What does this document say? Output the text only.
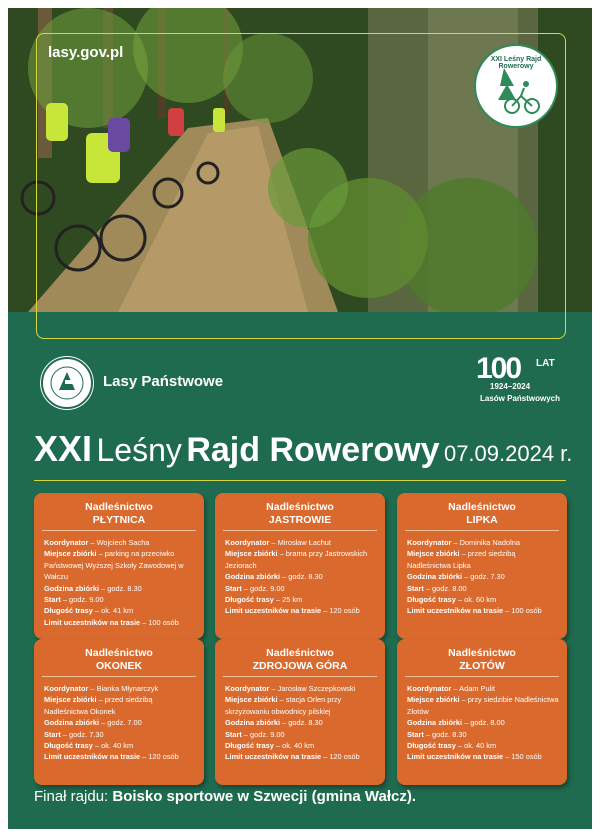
lasy.gov.pl	XXI Leśny Rajd Rowerowy
Lasy Państwowe	100 LAT
1924–2024
Lasów Państwowych
XXI Leśny Rajd Rowerowy 07.09.2024 r.
Nadleśnictwo
PŁYTNICA
Koordynator – Wojciech Sacha
Miejsce zbiórki – parking na przeciwko Państwowej Wyższej Szkoły Zawodowej w Wałczu
Godzina zbiórki – godz. 8.30
Start – godz. 9.00
Długość trasy – ok. 41 km
Limit uczestników na trasie – 100 osób
Nadleśnictwo
JASTROWIE
Koordynator – Mirosław Łachut
Miejsce zbiórki – brama przy Jastrowskich Jeziorach
Godzina zbiórki – godz. 8.30
Start – godz. 9.00
Długość trasy – 25 km
Limit uczestników na trasie – 120 osób
Nadleśnictwo
LIPKA
Koordynator – Dominika Nadolna
Miejsce zbiórki – przed siedzibą Nadleśnictwa Lipka
Godzina zbiórki – godz. 7.30
Start – godz. 8.00
Długość trasy – ok. 60 km
Limit uczestników na trasie – 100 osób
Nadleśnictwo
OKONEK
Koordynator – Bianka Młynarczyk
Miejsce zbiórki – przed siedzibą Nadleśnictwa Okonek
Godzina zbiórki – godz. 7.00
Start – godz. 7.30
Długość trasy – ok. 40 km
Limit uczestników na trasie – 120 osób
Nadleśnictwo
ZDROJOWA GÓRA
Koordynator – Jarosław Szczepkowski
Miejsce zbiórki – stacja Orlen przy skrzyżowaniu obwodnicy pilskiej
Godzina zbiórki – godz. 8.30
Start – godz. 9.00
Długość trasy – ok. 40 km
Limit uczestników na trasie – 120 osób
Nadleśnictwo
ZŁOTÓW
Koordynator – Adam Pulit
Miejsce zbiórki – przy siedzibie Nadleśnictwa Złotów
Godzina zbiórki – godz. 8.00
Start – godz. 8.30
Długość trasy – ok. 40 km
Limit uczestników na trasie – 150 osób
Finał rajdu: Boisko sportowe w Szwecji (gmina Wałcz).
